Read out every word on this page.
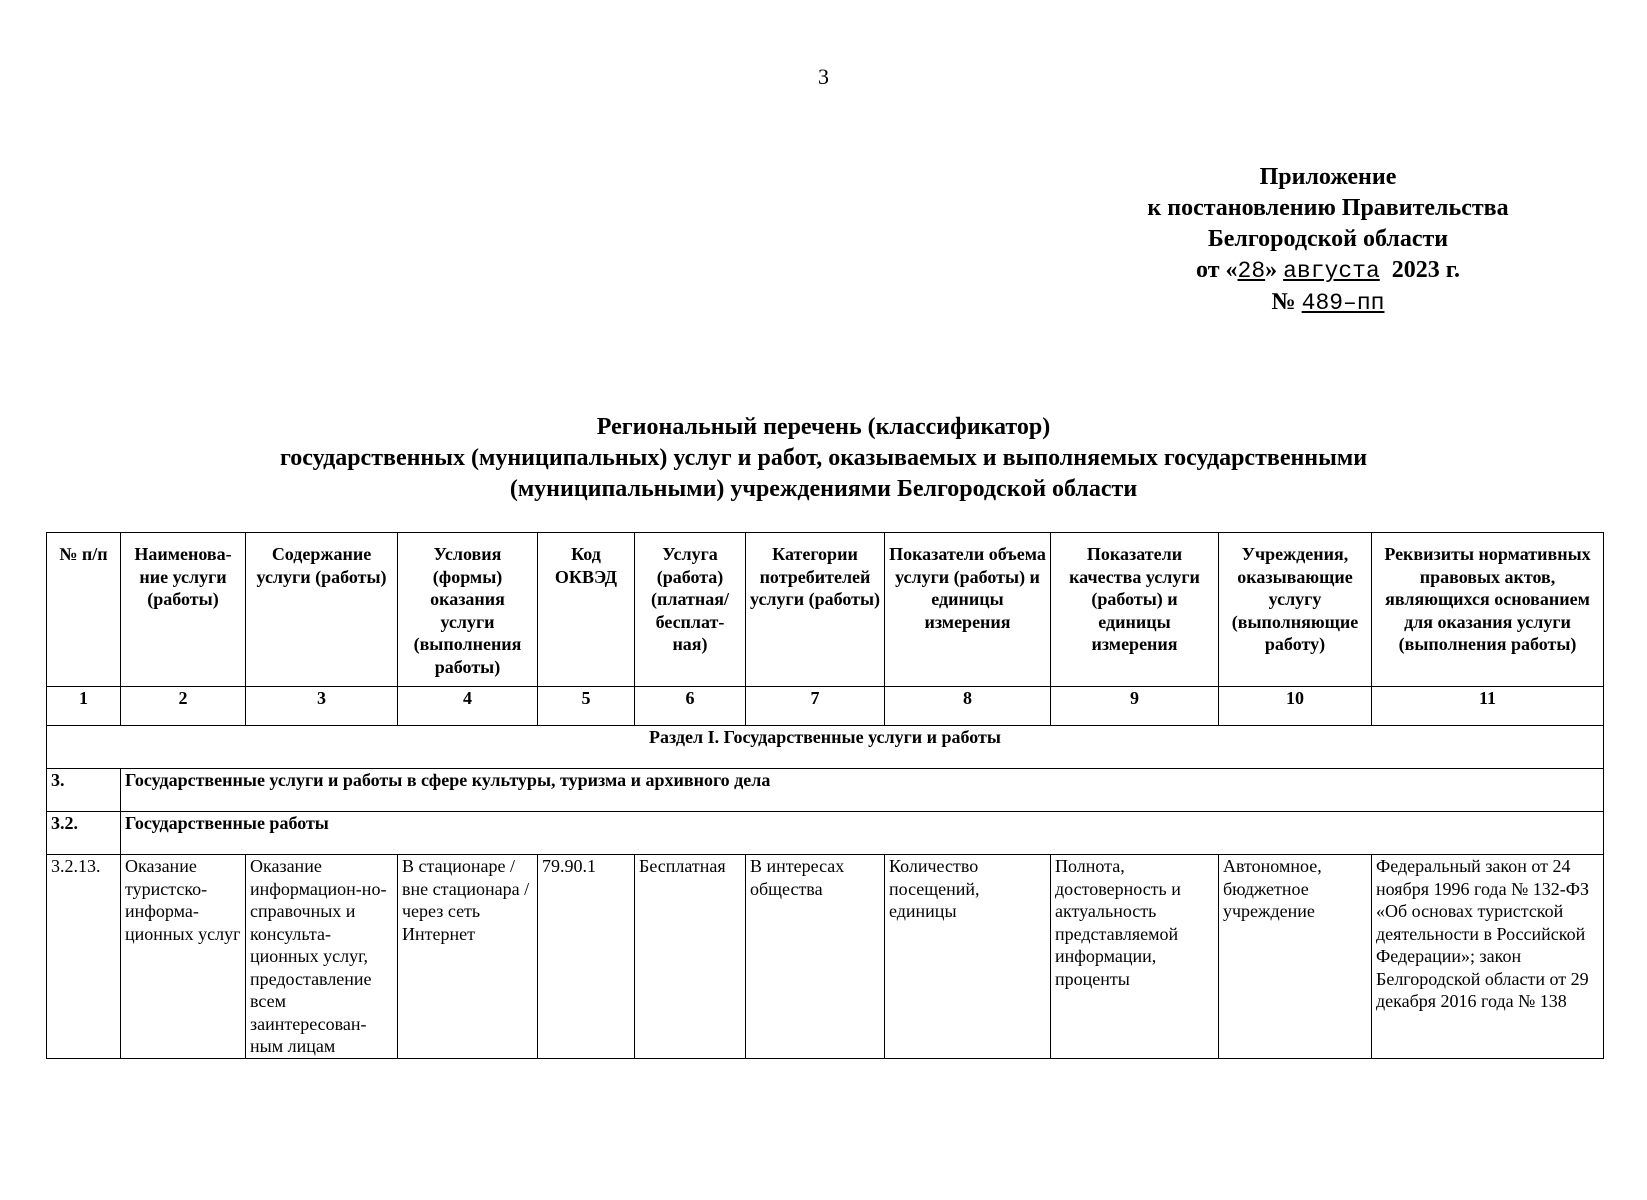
3
Приложение
к постановлению Правительства
Белгородской области
от «28» августа 2023 г.
№ 489–пп
Региональный перечень (классификатор)
государственных (муниципальных) услуг и работ, оказываемых и выполняемых государственными
(муниципальными) учреждениями Белгородской области
№ п/п	Наименова-ние услуги (работы)	Содержание услуги (работы)	Условия (формы) оказания услуги (выполнения работы)	Код ОКВЭД	Услуга (работа) (платная/ бесплат-ная)	Категории потребителей услуги (работы)	Показатели объема услуги (работы) и единицы измерения	Показатели качества услуги (работы) и единицы измерения	Учреждения, оказывающие услугу (выполняющие работу)	Реквизиты нормативных правовых актов, являющихся основанием для оказания услуги (выполнения работы)
1	2	3	4	5	6	7	8	9	10	11
Раздел I. Государственные услуги и работы										
3.	Государственные услуги и работы в сфере культуры, туризма и архивного дела									
3.2.	Государственные работы									
3.2.13.	Оказание туристско-информа-ционных услуг	Оказание информацион-но-справочных и консульта-ционных услуг, предоставление всем заинтересован-ным лицам	В стационаре / вне стационара / через сеть Интернет	79.90.1	Бесплатная	В интересах общества	Количество посещений, единицы	Полнота, достоверность и актуальность представляемой информации, проценты	Автономное, бюджетное учреждение	Федеральный закон от 24 ноября 1996 года № 132-ФЗ «Об основах туристской деятельности в Российской Федерации»; закон Белгородской области от 29 декабря 2016 года № 138
